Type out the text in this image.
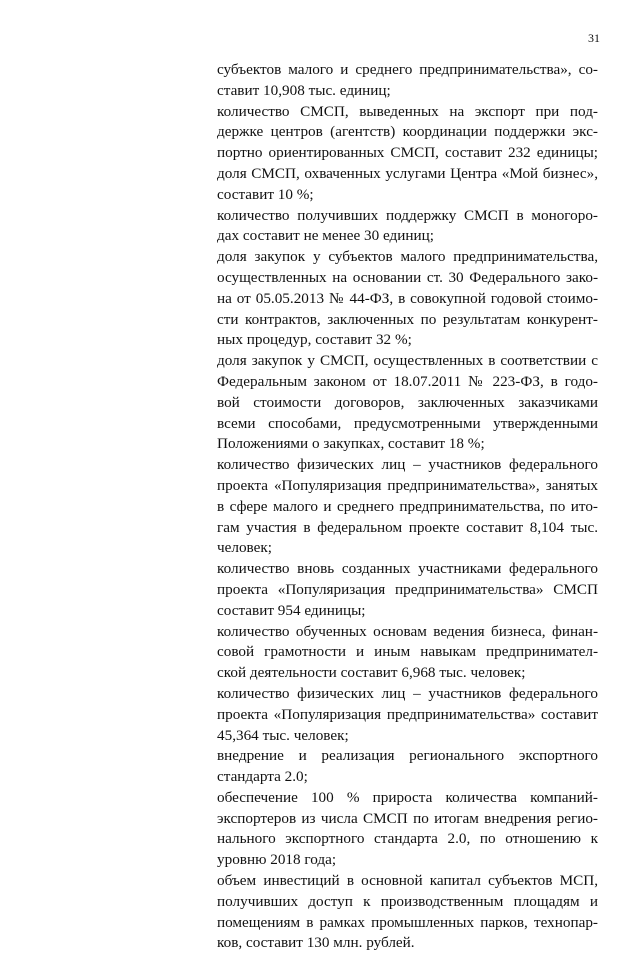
31
субъектов малого и среднего предпринимательства», со-
ставит 10,908 тыс. единиц;
количество СМСП, выведенных на экспорт при под-
держке центров (агентств) координации поддержки экс-
портно ориентированных СМСП, составит 232 единицы;
доля СМСП, охваченных услугами Центра «Мой бизнес»,
составит 10 %;
количество получивших поддержку СМСП в моногоро-
дах составит не менее 30 единиц;
доля закупок у субъектов малого предпринимательства,
осуществленных на основании ст. 30 Федерального зако-
на от 05.05.2013 № 44-ФЗ, в совокупной годовой стоимо-
сти контрактов, заключенных по результатам конкурент-
ных процедур, составит 32 %;
доля закупок у СМСП, осуществленных в соответствии с
Федеральным законом от 18.07.2011 № 223-ФЗ, в годо-
вой стоимости договоров, заключенных заказчиками
всеми способами, предусмотренными утвержденными
Положениями о закупках, составит 18 %;
количество физических лиц – участников федерального
проекта «Популяризация предпринимательства», занятых
в сфере малого и среднего предпринимательства, по ито-
гам участия в федеральном проекте составит 8,104 тыс.
человек;
количество вновь созданных участниками федерального
проекта «Популяризация предпринимательства» СМСП
составит 954 единицы;
количество обученных основам ведения бизнеса, финан-
совой грамотности и иным навыкам предпринимател-
ской деятельности составит 6,968 тыс. человек;
количество физических лиц – участников федерального
проекта «Популяризация предпринимательства» составит
45,364 тыс. человек;
внедрение и реализация регионального экспортного
стандарта 2.0;
обеспечение 100 % прироста количества компаний-
экспортеров из числа СМСП по итогам внедрения регио-
нального экспортного стандарта 2.0, по отношению к
уровню 2018 года;
объем инвестиций в основной капитал субъектов МСП,
получивших доступ к производственным площадям и
помещениям в рамках промышленных парков, технопар-
ков, составит 130 млн. рублей.
